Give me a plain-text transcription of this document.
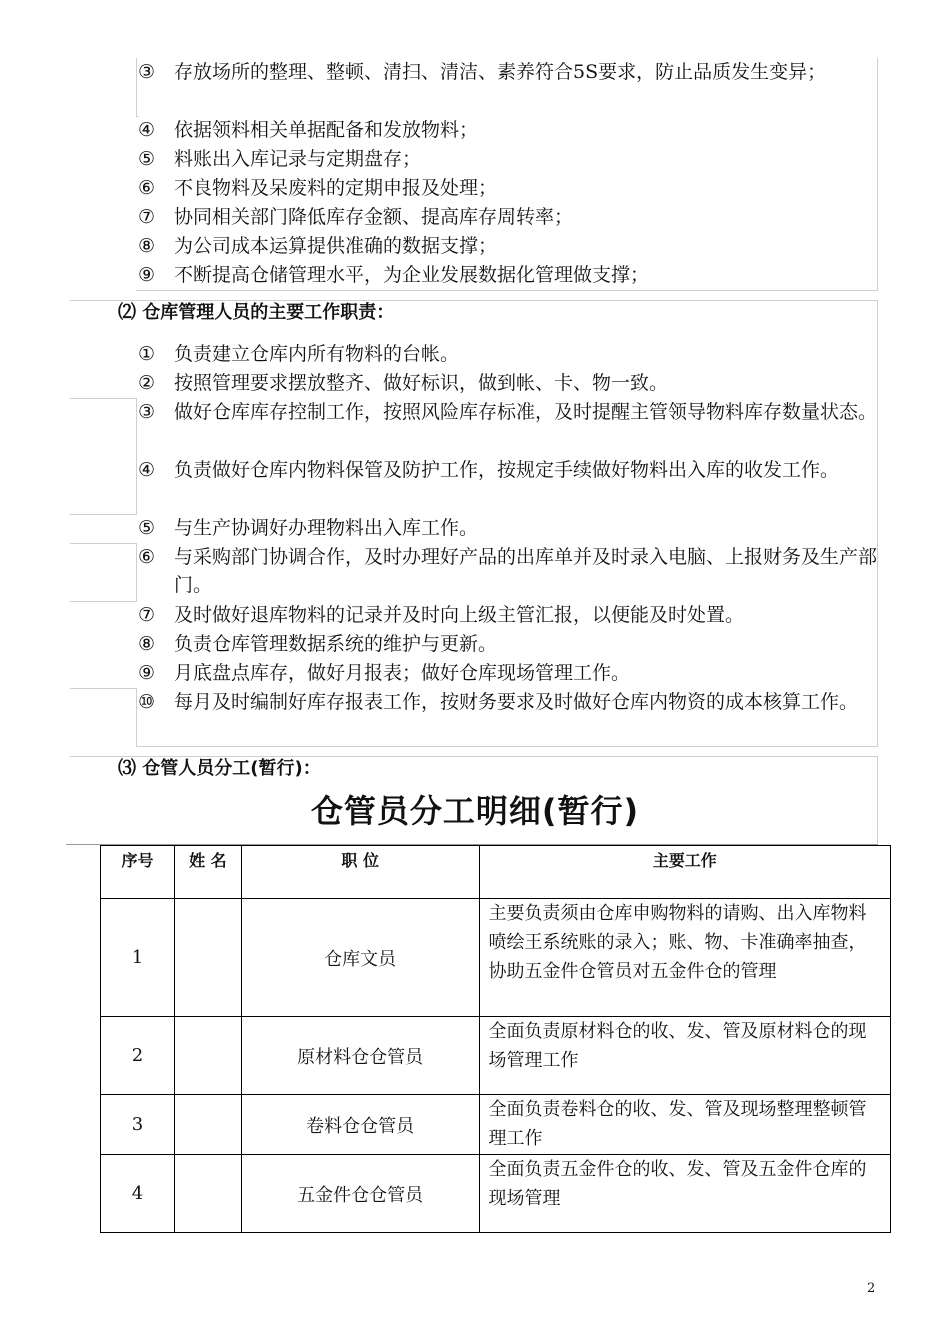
③ 存放场所的整理、整顿、清扫、清洁、素养符合5S要求，防止品质发生变异；
④ 依据领料相关单据配备和发放物料；
⑤ 料账出入库记录与定期盘存；
⑥ 不良物料及呆废料的定期申报及处理；
⑦ 协同相关部门降低库存金额、提高库存周转率；
⑧ 为公司成本运算提供准确的数据支撑；
⑨ 不断提高仓储管理水平，为企业发展数据化管理做支撑；
⑵ 仓库管理人员的主要工作职责：
① 负责建立仓库内所有物料的台帐。
② 按照管理要求摆放整齐、做好标识，做到帐、卡、物一致。
③ 做好仓库库存控制工作，按照风险库存标准，及时提醒主管领导物料库存数量状态。
④ 负责做好仓库内物料保管及防护工作，按规定手续做好物料出入库的收发工作。
⑤ 与生产协调好办理物料出入库工作。
⑥ 与采购部门协调合作，及时办理好产品的出库单并及时录入电脑、上报财务及生产部门。
⑦ 及时做好退库物料的记录并及时向上级主管汇报，以便能及时处置。
⑧ 负责仓库管理数据系统的维护与更新。
⑨ 月底盘点库存，做好月报表；做好仓库现场管理工作。
⑩ 每月及时编制好库存报表工作，按财务要求及时做好仓库内物资的成本核算工作。
⑶ 仓管人员分工(暂行)：
仓管员分工明细(暂行)
序号	姓 名	职 位	主要工作
1		仓库文员	主要负责须由仓库申购物料的请购、出入库物料喷绘王系统账的录入；账、物、卡准确率抽查，协助五金件仓管员对五金件仓的管理
2		原材料仓仓管员	全面负责原材料仓的收、发、管及原材料仓的现场管理工作
3		卷料仓仓管员	全面负责卷料仓的收、发、管及现场整理整顿管理工作
4		五金件仓仓管员	全面负责五金件仓的收、发、管及五金件仓库的现场管理
2
